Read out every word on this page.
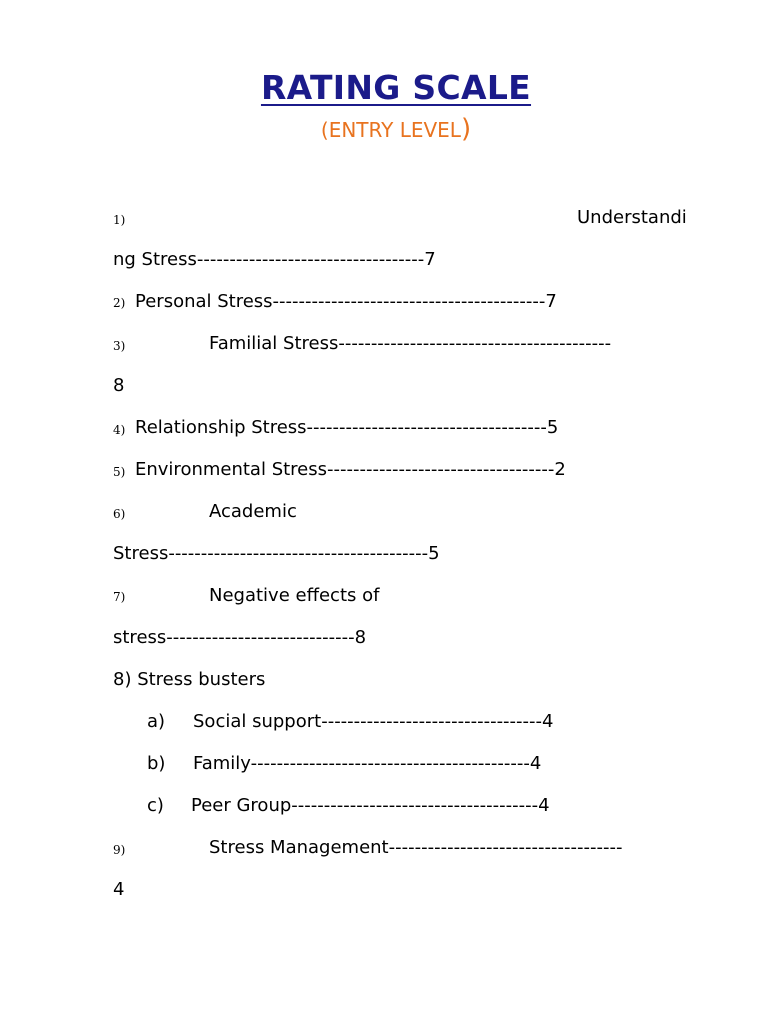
RATING SCALE
(ENTRY LEVEL)
1)	Understandi
ng Stress-----------------------------------7
2) Personal Stress------------------------------------------7
3)	Familial Stress------------------------------------------
8
4) Relationship Stress-------------------------------------5
5) Environmental Stress-----------------------------------2
6)	Academic
Stress----------------------------------------5
7)	Negative effects of
stress-----------------------------8
8) Stress busters
a) Social support----------------------------------4
b) Family-------------------------------------------4
c) Peer Group--------------------------------------4
9)	Stress Management------------------------------------
4
